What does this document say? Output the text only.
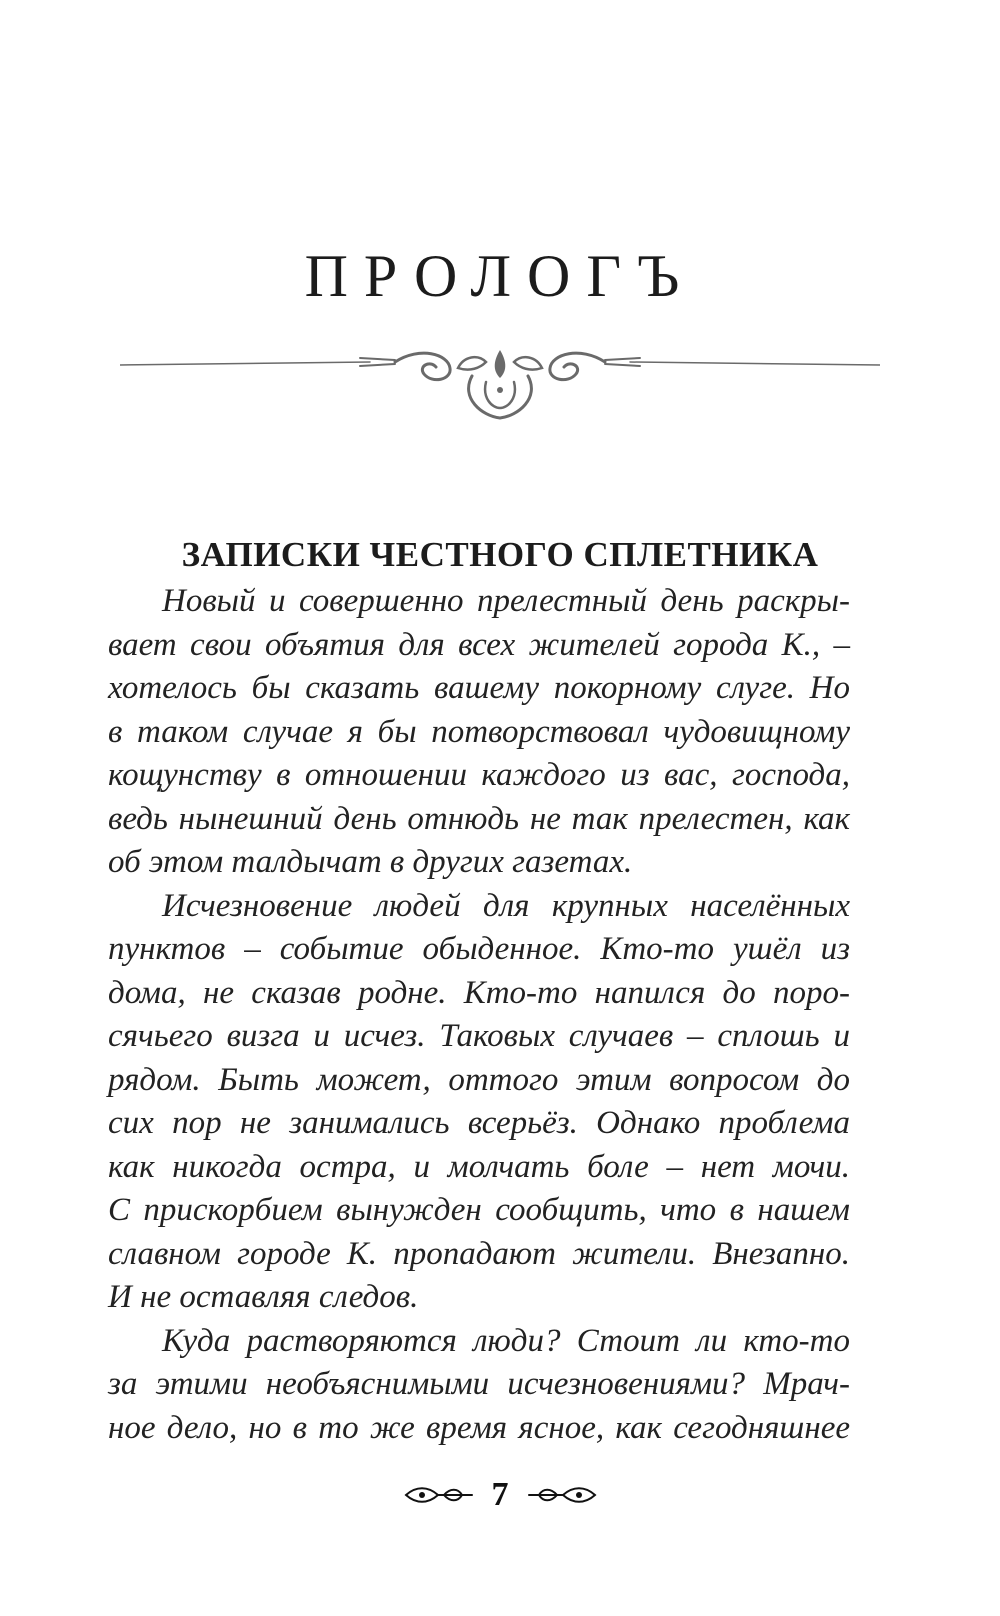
ПРОЛОГЪ
ЗАПИСКИ ЧЕСТНОГО СПЛЕТНИКА
Новый и совершенно прелестный день раскры-
вает свои объятия для всех жителей города К., –
хотелось бы сказать вашему покорному слуге. Но
в таком случае я бы потворствовал чудовищному
кощунству в отношении каждого из вас, господа,
ведь нынешний день отнюдь не так прелестен, как
об этом талдычат в других газетах.
Исчезновение людей для крупных населённых
пунктов – событие обыденное. Кто-то ушёл из
дома, не сказав родне. Кто-то напился до поро-
сячьего визга и исчез. Таковых случаев – сплошь и
рядом. Быть может, оттого этим вопросом до
сих пор не занимались всерьёз. Однако проблема
как никогда остра, и молчать боле – нет мочи.
С прискорбием вынужден сообщить, что в нашем
славном городе К. пропадают жители. Внезапно.
И не оставляя следов.
Куда растворяются люди? Стоит ли кто-то
за этими необъяснимыми исчезновениями? Мрач-
ное дело, но в то же время ясное, как сегодняшнее
7
